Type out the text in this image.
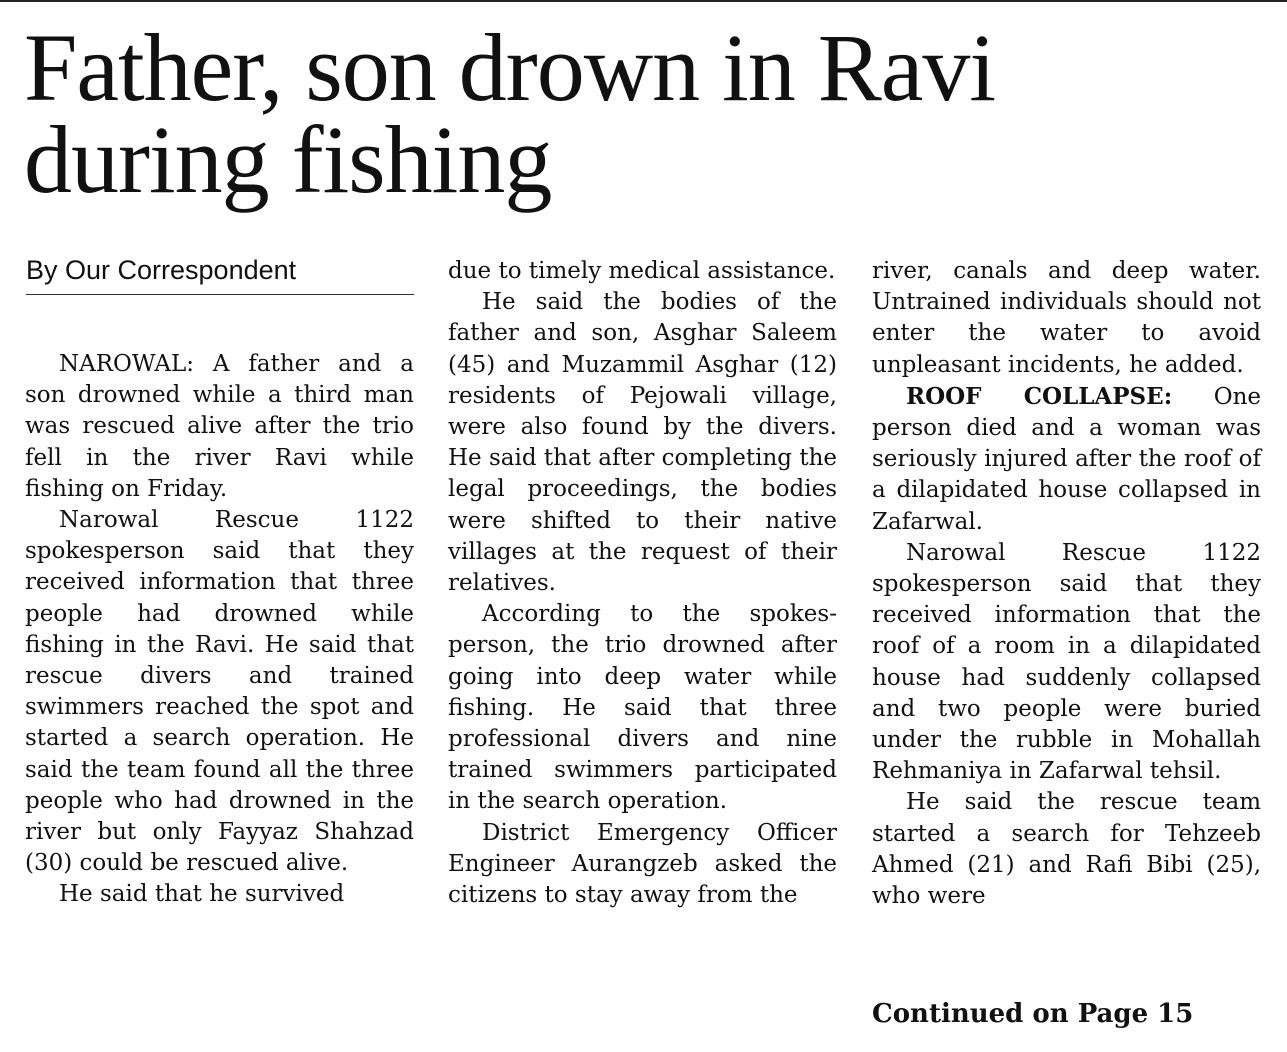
Father, son drown in Ravi
during fishing
By Our Correspondent

NAROWAL: A father and a son drowned while a third man was rescued alive after the trio fell in the river Ravi while fishing on Friday.

Narowal Rescue 1122 spokesperson said that they received information that three people had drowned while fishing in the Ravi. He said that rescue divers and trained swimmers reached the spot and started a search operation. He said the team found all the three people who had drowned in the river but only Fayyaz Shahzad (30) could be rescued alive.

He said that he survived

due to timely medical assistance.

He said the bodies of the father and son, Asghar Saleem (45) and Muzammil Asghar (12) residents of Pejowali village, were also found by the divers. He said that after completing the legal proceedings, the bodies were shifted to their native villages at the request of their relatives.

According to the spokesperson, the trio drowned after going into deep water while fishing. He said that three professional divers and nine trained swimmers participated in the search operation.

District Emergency Officer Engineer Aurangzeb asked the citizens to stay away from the

river, canals and deep water. Untrained individuals should not enter the water to avoid unpleasant incidents, he added.

ROOF COLLAPSE: One person died and a woman was seriously injured after the roof of a dilapidated house collapsed in Zafarwal.

Narowal Rescue 1122 spokesperson said that they received information that the roof of a room in a dilapidated house had suddenly collapsed and two people were buried under the rubble in Mohallah Rehmaniya in Zafarwal tehsil.

He said the rescue team started a search for Tehzeeb Ahmed (21) and Rafi Bibi (25), who were

Continued on Page 15
